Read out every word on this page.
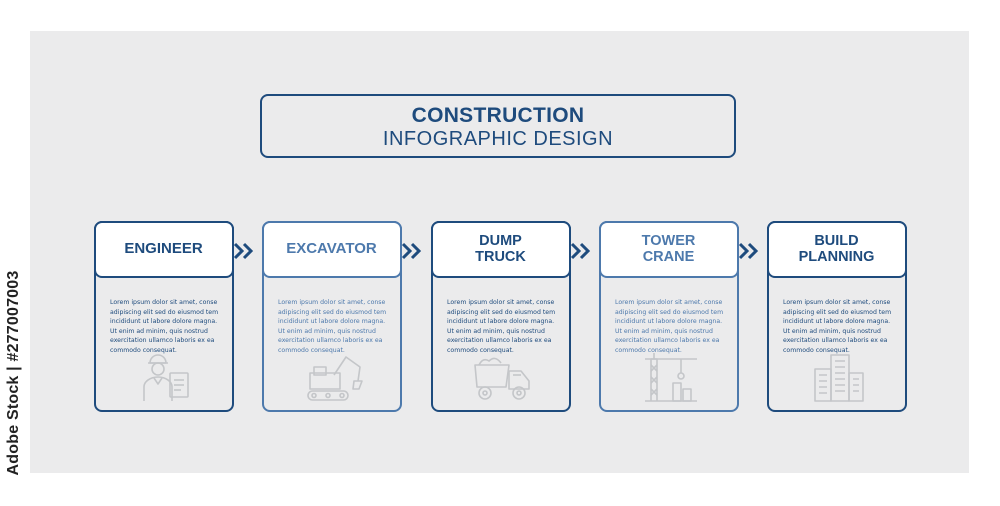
CONSTRUCTION
INFOGRAPHIC DESIGN
ENGINEER
Lorem ipsum dolor sit amet, conse adipiscing elit sed do eiusmod tem incididunt ut labore dolore magna. Ut enim ad minim, quis nostrud exercitation ullamco laboris ex ea commodo consequat.
EXCAVATOR
Lorem ipsum dolor sit amet, conse adipiscing elit sed do eiusmod tem incididunt ut labore dolore magna. Ut enim ad minim, quis nostrud exercitation ullamco laboris ex ea commodo consequat.
DUMP
TRUCK
Lorem ipsum dolor sit amet, conse adipiscing elit sed do eiusmod tem incididunt ut labore dolore magna. Ut enim ad minim, quis nostrud exercitation ullamco laboris ex ea commodo consequat.
TOWER
CRANE
Lorem ipsum dolor sit amet, conse adipiscing elit sed do eiusmod tem incididunt ut labore dolore magna. Ut enim ad minim, quis nostrud exercitation ullamco laboris ex ea commodo consequat.
BUILD
PLANNING
Lorem ipsum dolor sit amet, conse adipiscing elit sed do eiusmod tem incididunt ut labore dolore magna. Ut enim ad minim, quis nostrud exercitation ullamco laboris ex ea commodo consequat.
Adobe Stock | #277007003
